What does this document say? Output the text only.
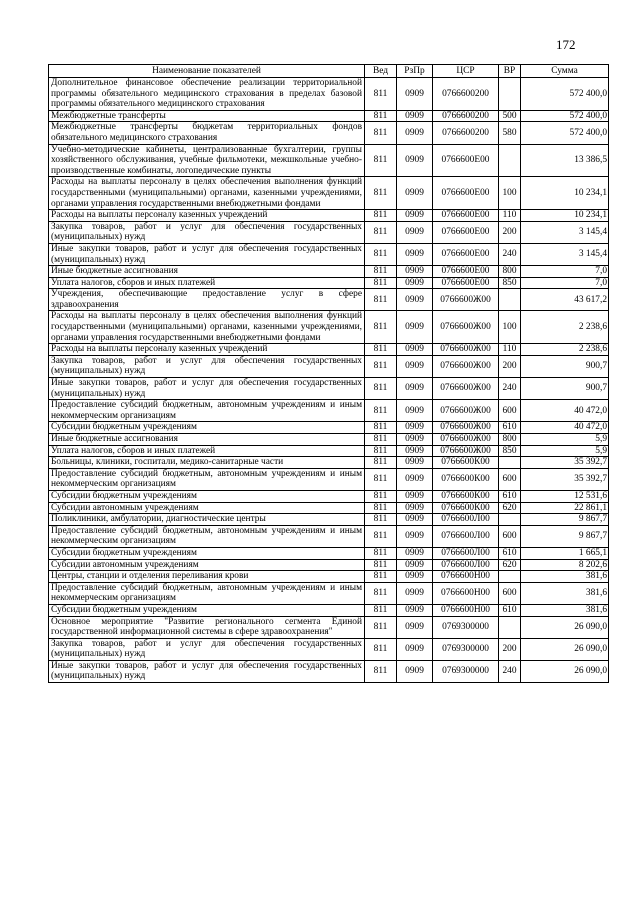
172
Наименование показателей	Вед	РзПр	ЦСР	ВР	Сумма
Дополнительное финансовое обеспечение реализации территориальной программы обязательного медицинского страхования в пределах базовой программы обязательного медицинского страхования	811	0909	0766600200		572 400,0
Межбюджетные трансферты	811	0909	0766600200	500	572 400,0
Межбюджетные трансферты бюджетам территориальных фондов обязательного медицинского страхования	811	0909	0766600200	580	572 400,0
Учебно-методические кабинеты, централизованные бухгалтерии, группы хозяйственного обслуживания, учебные фильмотеки, межшкольные учебно-производственные комбинаты, логопедические пункты	811	0909	0766600Е00		13 386,5
Расходы на выплаты персоналу в целях обеспечения выполнения функций государственными (муниципальными) органами, казенными учреждениями, органами управления государственными внебюджетными фондами	811	0909	0766600Е00	100	10 234,1
Расходы на выплаты персоналу казенных учреждений	811	0909	0766600Е00	110	10 234,1
Закупка товаров, работ и услуг для обеспечения государственных (муниципальных) нужд	811	0909	0766600Е00	200	3 145,4
Иные закупки товаров, работ и услуг для обеспечения государственных (муниципальных) нужд	811	0909	0766600Е00	240	3 145,4
Иные бюджетные ассигнования	811	0909	0766600Е00	800	7,0
Уплата налогов, сборов и иных платежей	811	0909	0766600Е00	850	7,0
Учреждения, обеспечивающие предоставление услуг в сфере здравоохранения	811	0909	0766600Ж00		43 617,2
Расходы на выплаты персоналу в целях обеспечения выполнения функций государственными (муниципальными) органами, казенными учреждениями, органами управления государственными внебюджетными фондами	811	0909	0766600Ж00	100	2 238,6
Расходы на выплаты персоналу казенных учреждений	811	0909	0766600Ж00	110	2 238,6
Закупка товаров, работ и услуг для обеспечения государственных (муниципальных) нужд	811	0909	0766600Ж00	200	900,7
Иные закупки товаров, работ и услуг для обеспечения государственных (муниципальных) нужд	811	0909	0766600Ж00	240	900,7
Предоставление субсидий бюджетным, автономным учреждениям и иным некоммерческим организациям	811	0909	0766600Ж00	600	40 472,0
Субсидии бюджетным учреждениям	811	0909	0766600Ж00	610	40 472,0
Иные бюджетные ассигнования	811	0909	0766600Ж00	800	5,9
Уплата налогов, сборов и иных платежей	811	0909	0766600Ж00	850	5,9
Больницы, клиники, госпитали, медико-санитарные части	811	0909	0766600К00		35 392,7
Предоставление субсидий бюджетным, автономным учреждениям и иным некоммерческим организациям	811	0909	0766600К00	600	35 392,7
Субсидии бюджетным учреждениям	811	0909	0766600К00	610	12 531,6
Субсидии автономным учреждениям	811	0909	0766600К00	620	22 861,1
Поликлиники, амбулатории, диагностические центры	811	0909	0766600Л00		9 867,7
Предоставление субсидий бюджетным, автономным учреждениям и иным некоммерческим организациям	811	0909	0766600Л00	600	9 867,7
Субсидии бюджетным учреждениям	811	0909	0766600Л00	610	1 665,1
Субсидии автономным учреждениям	811	0909	0766600Л00	620	8 202,6
Центры, станции и отделения переливания крови	811	0909	0766600Н00		381,6
Предоставление субсидий бюджетным, автономным учреждениям и иным некоммерческим организациям	811	0909	0766600Н00	600	381,6
Субсидии бюджетным учреждениям	811	0909	0766600Н00	610	381,6
Основное мероприятие "Развитие регионального сегмента Единой государственной информационной системы в сфере здравоохранения"	811	0909	0769300000		26 090,0
Закупка товаров, работ и услуг для обеспечения государственных (муниципальных) нужд	811	0909	0769300000	200	26 090,0
Иные закупки товаров, работ и услуг для обеспечения государственных (муниципальных) нужд	811	0909	0769300000	240	26 090,0
